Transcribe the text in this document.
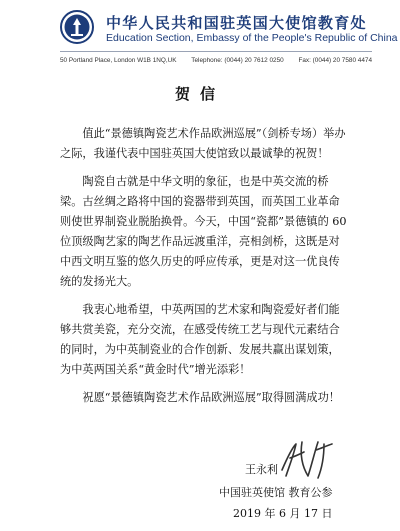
中华人民共和国驻英国大使馆教育处
Education Section, Embassy of the People's Republic of China
50 Portland Place, London W1B 1NQ,UK Telephone: (0044) 20 7612 0250 Fax: (0044) 20 7580 4474
贺信

值此“景德镇陶瓷艺术作品欧洲巡展”（剑桥专场）举办之际，我谨代表中国驻英国大使馆致以最诚挚的祝贺！

陶瓷自古就是中华文明的象征，也是中英交流的桥梁。古丝绸之路将中国的瓷器带到英国，而英国工业革命则使世界制瓷业脱胎换骨。今天，中国“瓷都”景德镇的 60 位顶级陶艺家的陶艺作品远渡重洋，亮相剑桥，这既是对中西文明互鉴的悠久历史的呼应传承，更是对这一优良传统的发扬光大。

我衷心地希望，中英两国的艺术家和陶瓷爱好者们能够共赏美瓷，充分交流，在感受传统工艺与现代元素结合的同时，为中英制瓷业的合作创新、发展共赢出谋划策，为中英两国关系“黄金时代”增光添彩！

祝愿“景德镇陶瓷艺术作品欧洲巡展”取得圆满成功！

王永利
中国驻英使馆 教育公参
2019 年 6 月 17 日
